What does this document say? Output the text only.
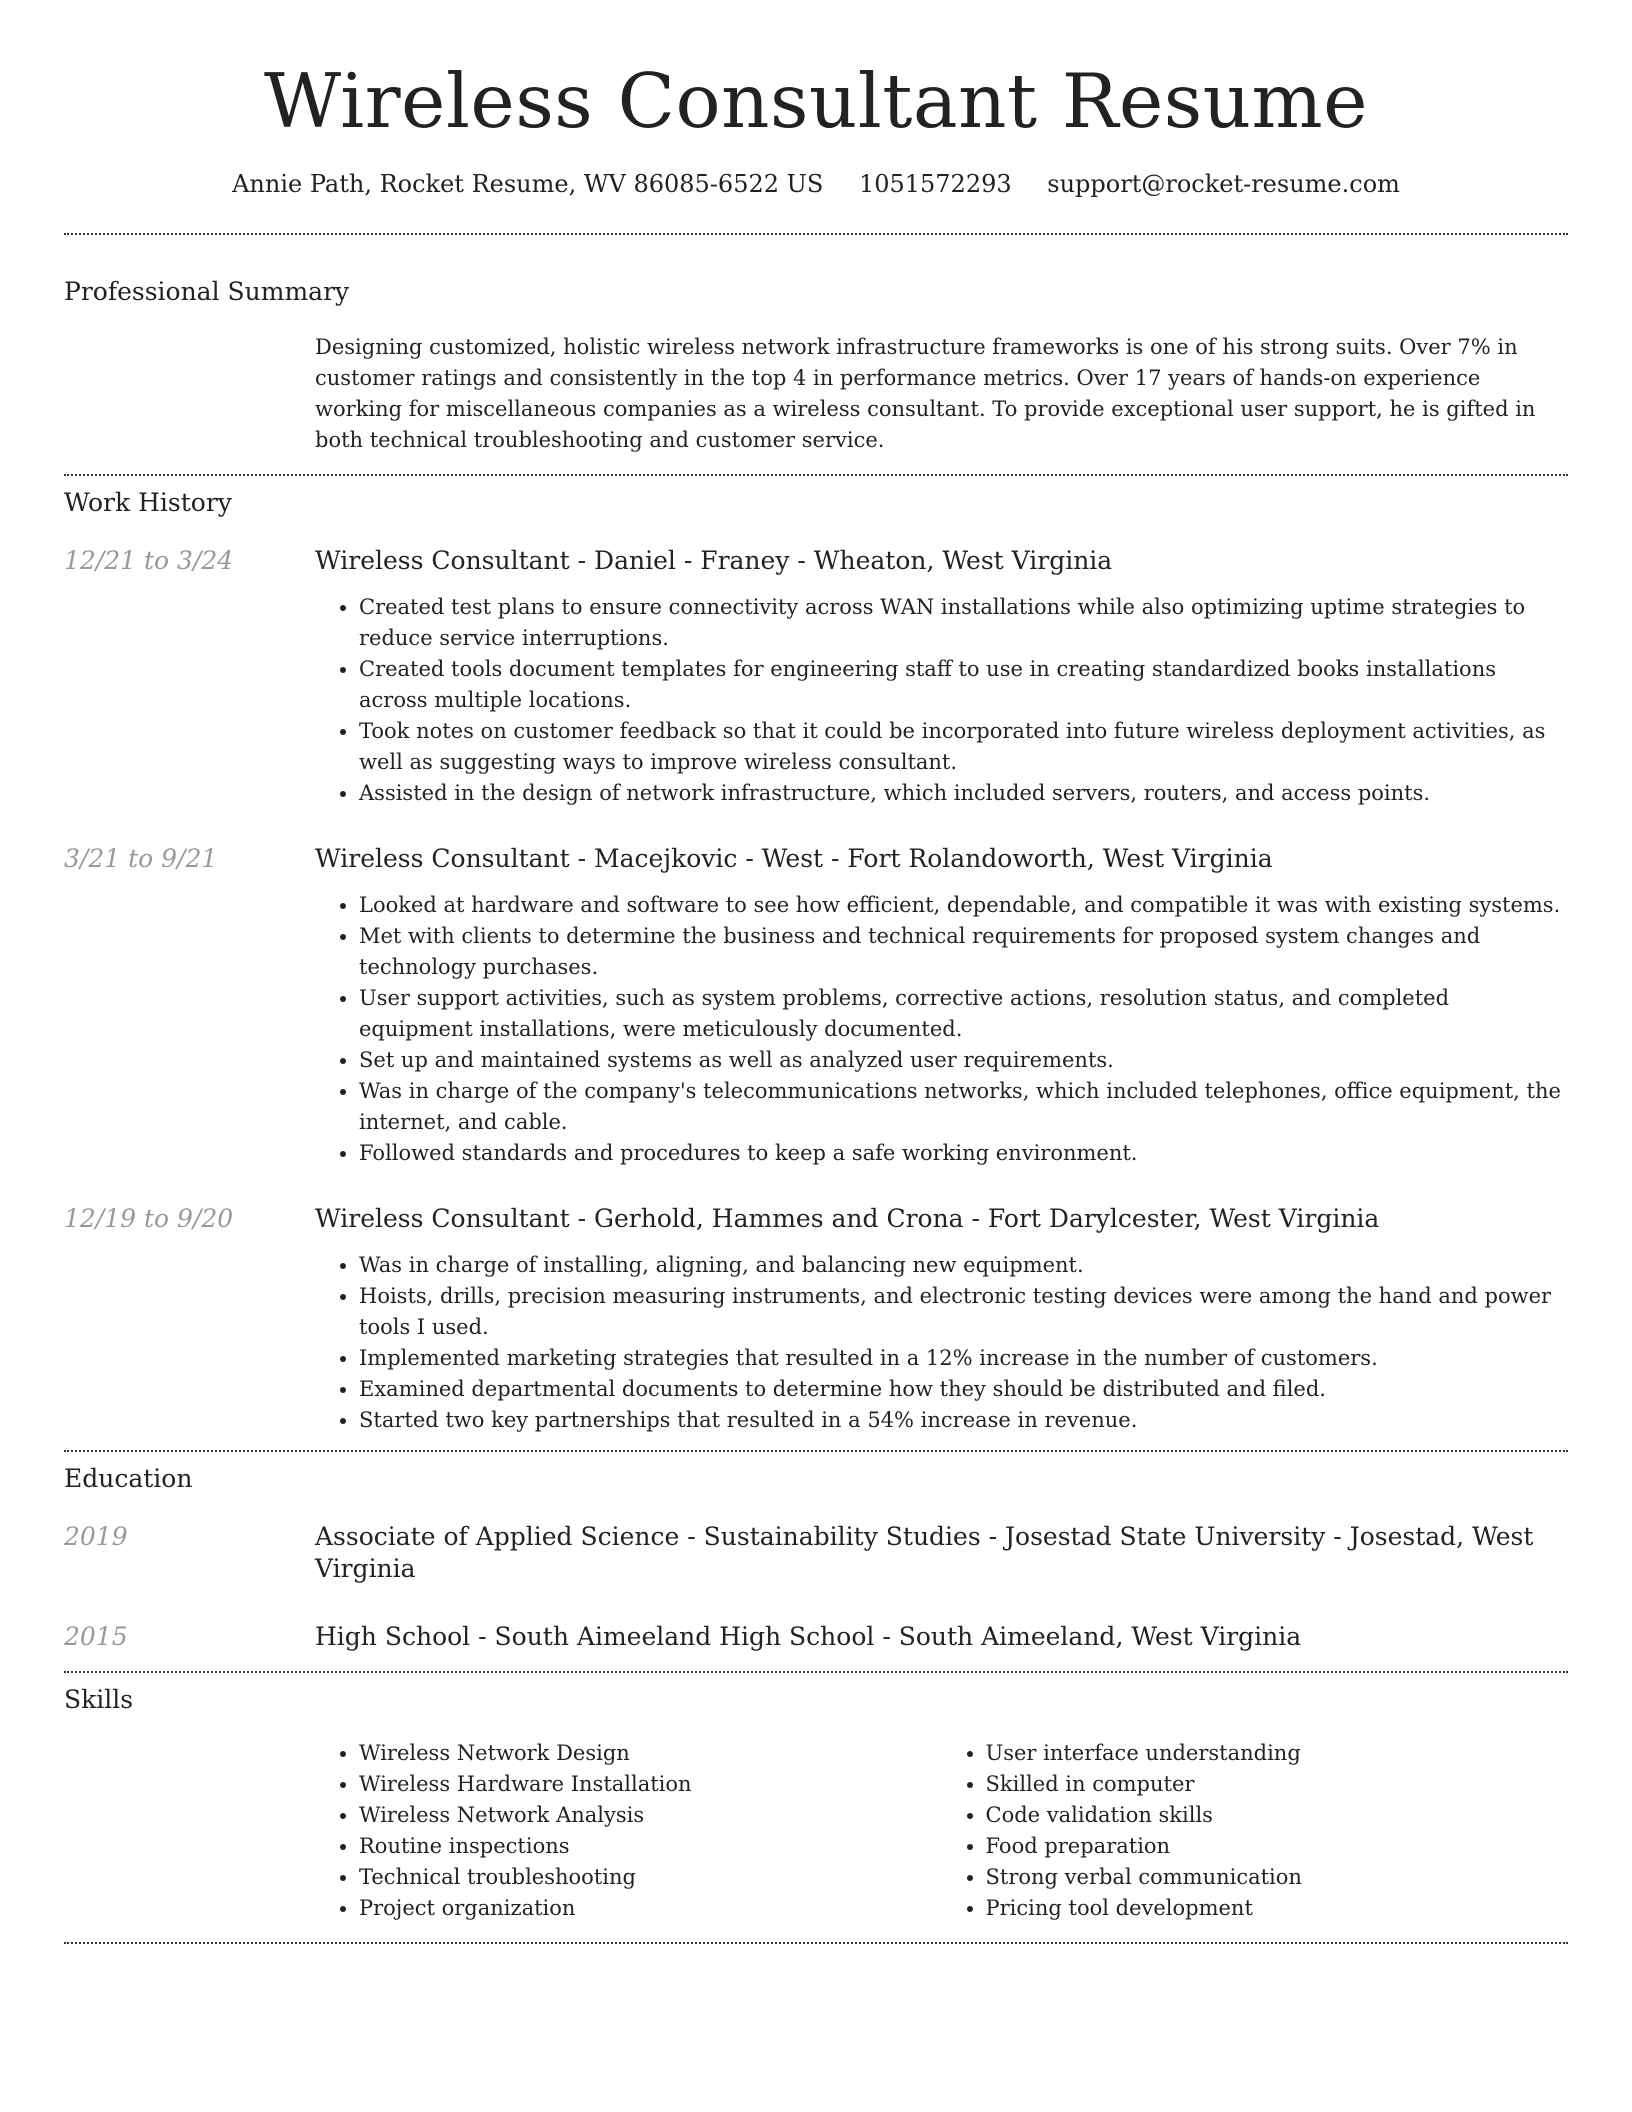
Wireless Consultant Resume
Annie Path, Rocket Resume, WV 86085-6522 US 1051572293 support@rocket-resume.com
Professional Summary
Designing customized, holistic wireless network infrastructure frameworks is one of his strong suits. Over 7% in customer ratings and consistently in the top 4 in performance metrics. Over 17 years of hands-on experience working for miscellaneous companies as a wireless consultant. To provide exceptional user support, he is gifted in both technical troubleshooting and customer service.
Work History
12/21 to 3/24	Wireless Consultant - Daniel - Franey - Wheaton, West Virginia
• Created test plans to ensure connectivity across WAN installations while also optimizing uptime strategies to reduce service interruptions.
• Created tools document templates for engineering staff to use in creating standardized books installations across multiple locations.
• Took notes on customer feedback so that it could be incorporated into future wireless deployment activities, as well as suggesting ways to improve wireless consultant.
• Assisted in the design of network infrastructure, which included servers, routers, and access points.
3/21 to 9/21	Wireless Consultant - Macejkovic - West - Fort Rolandoworth, West Virginia
• Looked at hardware and software to see how efficient, dependable, and compatible it was with existing systems.
• Met with clients to determine the business and technical requirements for proposed system changes and technology purchases.
• User support activities, such as system problems, corrective actions, resolution status, and completed equipment installations, were meticulously documented.
• Set up and maintained systems as well as analyzed user requirements.
• Was in charge of the company's telecommunications networks, which included telephones, office equipment, the internet, and cable.
• Followed standards and procedures to keep a safe working environment.
12/19 to 9/20	Wireless Consultant - Gerhold, Hammes and Crona - Fort Darylcester, West Virginia
• Was in charge of installing, aligning, and balancing new equipment.
• Hoists, drills, precision measuring instruments, and electronic testing devices were among the hand and power tools I used.
• Implemented marketing strategies that resulted in a 12% increase in the number of customers.
• Examined departmental documents to determine how they should be distributed and filed.
• Started two key partnerships that resulted in a 54% increase in revenue.
Education
2019	Associate of Applied Science - Sustainability Studies - Josestad State University - Josestad, West Virginia
2015	High School - South Aimeeland High School - South Aimeeland, West Virginia
Skills
• Wireless Network Design
• Wireless Hardware Installation
• Wireless Network Analysis
• Routine inspections
• Technical troubleshooting
• Project organization
• User interface understanding
• Skilled in computer
• Code validation skills
• Food preparation
• Strong verbal communication
• Pricing tool development
